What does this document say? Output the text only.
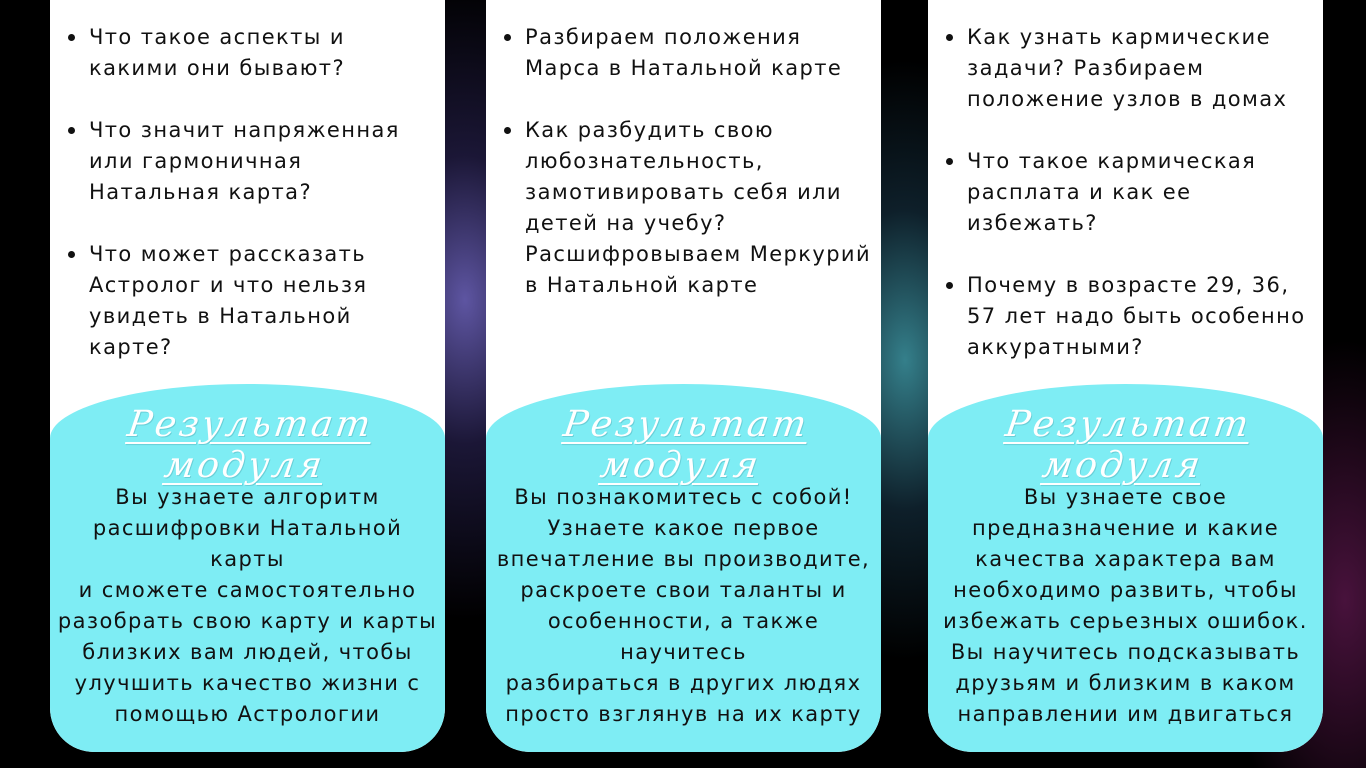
Что такое аспекты и какими они бывают?
Что значит напряженная или гармоничная Натальная карта?
Что может рассказать Астролог и что нельзя увидеть в Натальной карте?
Результат модуля

Вы узнаете алгоритм
расшифровки Натальной карты
и сможете самостоятельно
разобрать свою карту и карты
близких вам людей, чтобы
улучшить качество жизни с
помощью Астрологии

Разбираем положения Марса в Натальной карте
Как разбудить свою любознательность, замотивировать себя или детей на учебу? Расшифровываем Меркурий в Натальной карте
Результат модуля

Вы познакомитесь с собой!
Узнаете какое первое
впечатление вы производите,
раскроете свои таланты и
особенности, а также научитесь
разбираться в других людях
просто взглянув на их карту

Как узнать кармические задачи? Разбираем положение узлов в домах
Что такое кармическая расплата и как ее избежать?
Почему в возрасте 29, 36, 57 лет надо быть особенно аккуратными?
Результат модуля

Вы узнаете свое
предназначение и какие
качества характера вам
необходимо развить, чтобы
избежать серьезных ошибок.
Вы научитесь подсказывать
друзьям и близким в каком
направлении им двигаться
